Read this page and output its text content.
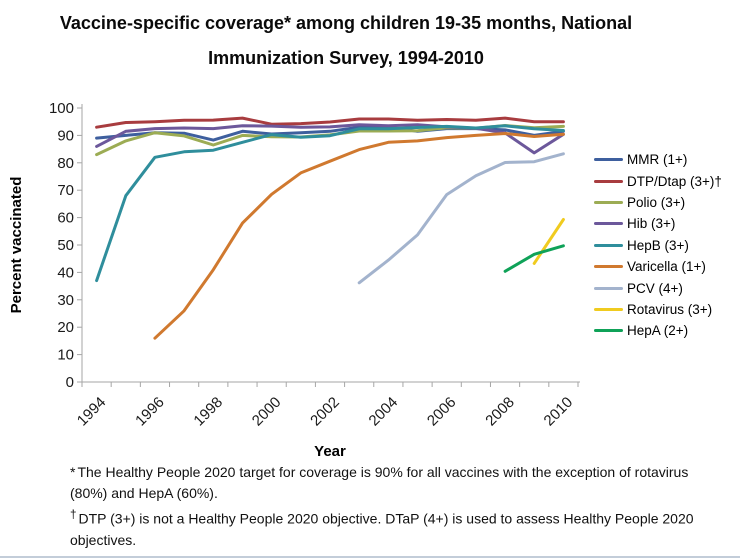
Vaccine-specific coverage* among children 19-35 months, National
Immunization Survey, 1994-2010
0
10
20
30
40
50
60
70
80
90
100
1994 1996 1998 2000 2002 2004 2006 2008 2010
Percent vaccinated
Year
MMR (1+)
DTP/Dtap (3+)†
Polio (3+)
Hib (3+)
HepB (3+)
Varicella (1+)
PCV (4+)
Rotavirus (3+)
HepA (2+)

* The Healthy People 2020 target for coverage is 90% for all vaccines with the exception of rotavirus (80%) and HepA (60%).

† DTP (3+) is not a Healthy People 2020 objective. DTaP (4+) is used to assess Healthy People 2020 objectives.
